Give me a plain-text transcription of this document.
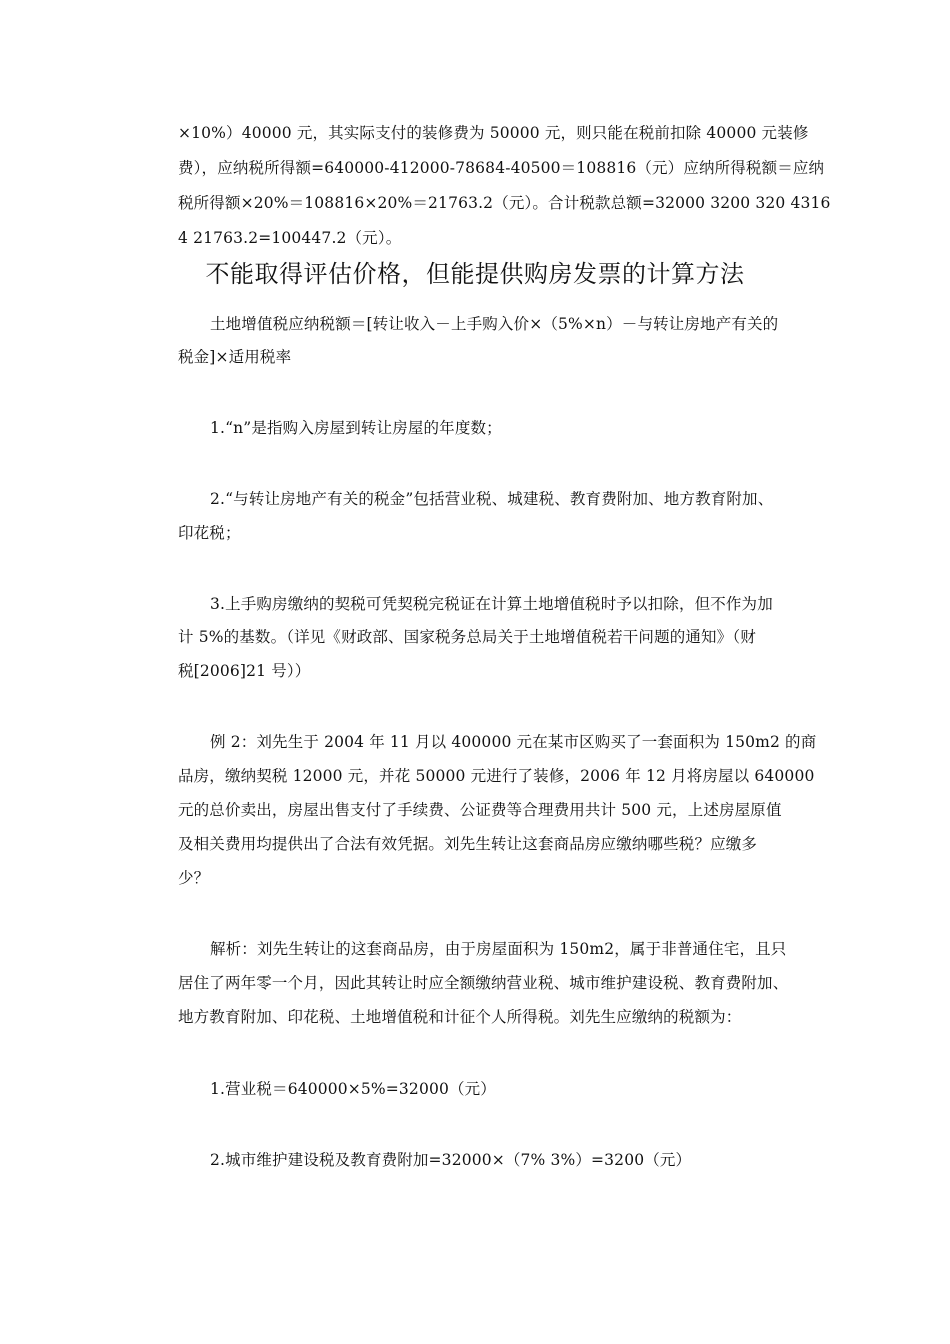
×10%）40000 元，其实际支付的装修费为 50000 元，则只能在税前扣除 40000 元装修
费），应纳税所得额=640000-412000-78684-40500＝108816（元）应纳所得税额＝应纳
税所得额×20%＝108816×20%＝21763.2（元）。合计税款总额=32000 3200 320 4316
4 21763.2=100447.2（元）。
不能取得评估价格，但能提供购房发票的计算方法
土地增值税应纳税额＝[转让收入－上手购入价×（5%×n）－与转让房地产有关的
税金]×适用税率
1.“n”是指购入房屋到转让房屋的年度数；
2.“与转让房地产有关的税金”包括营业税、城建税、教育费附加、地方教育附加、
印花税；
3.上手购房缴纳的契税可凭契税完税证在计算土地增值税时予以扣除，但不作为加
计 5%的基数。（详见《财政部、国家税务总局关于土地增值税若干问题的通知》（财
税[2006]21 号））
例 2：刘先生于 2004 年 11 月以 400000 元在某市区购买了一套面积为 150m2 的商
品房，缴纳契税 12000 元，并花 50000 元进行了装修，2006 年 12 月将房屋以 640000
元的总价卖出，房屋出售支付了手续费、公证费等合理费用共计 500 元，上述房屋原值
及相关费用均提供出了合法有效凭据。刘先生转让这套商品房应缴纳哪些税？应缴多
少？
解析：刘先生转让的这套商品房，由于房屋面积为 150m2，属于非普通住宅，且只
居住了两年零一个月，因此其转让时应全额缴纳营业税、城市维护建设税、教育费附加、
地方教育附加、印花税、土地增值税和计征个人所得税。刘先生应缴纳的税额为：
1.营业税＝640000×5%=32000（元）
2.城市维护建设税及教育费附加=32000×（7% 3%）=3200（元）
